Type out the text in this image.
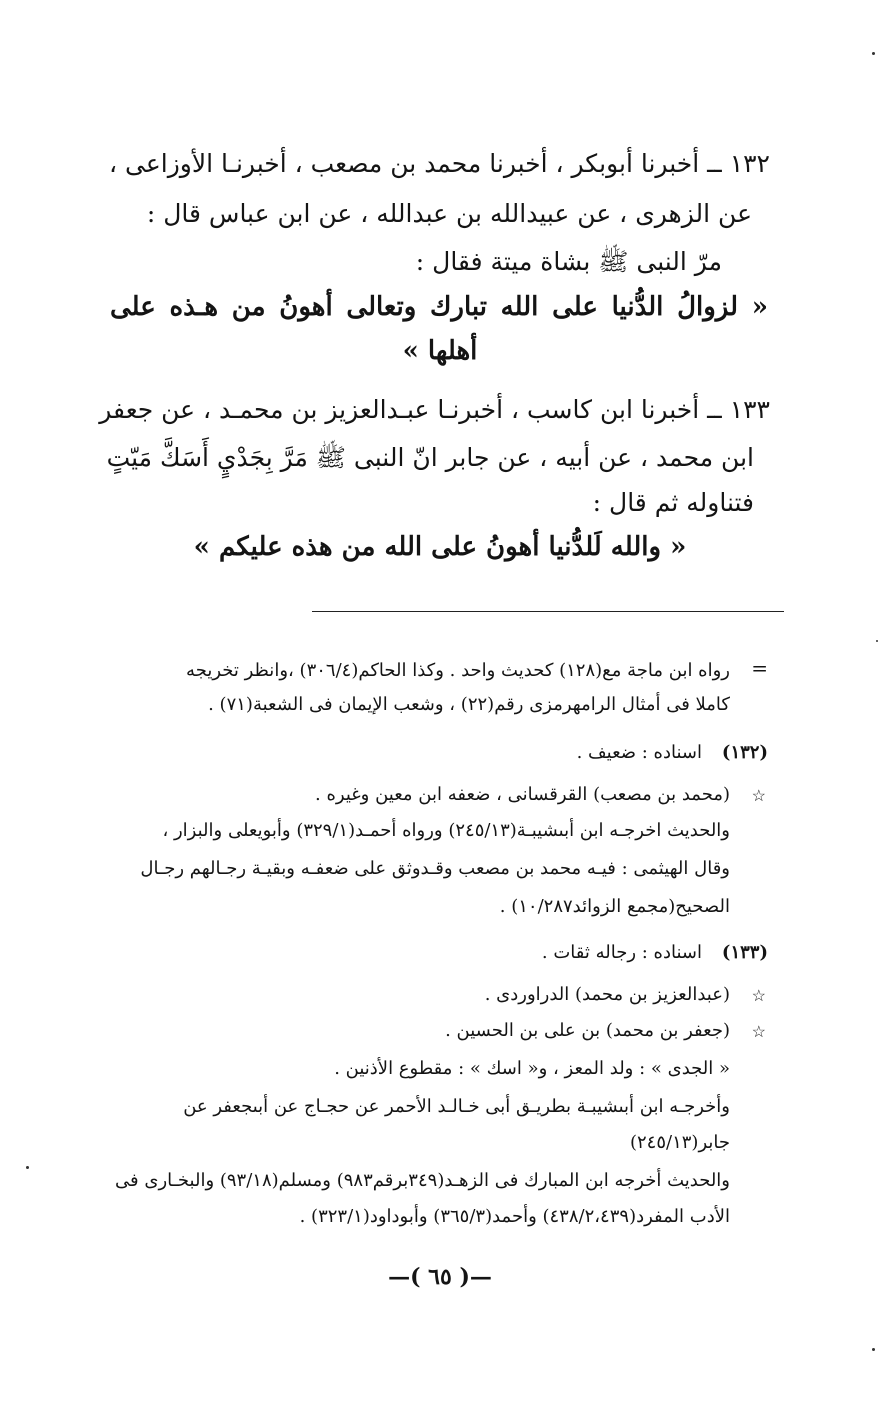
١٣٢ ــ أخبرنا أبوبكر ، أخبرنا محمد بن مصعب ، أخبرنـا الأوزاعى ،
عن الزهرى ، عن عبيدالله بن عبدالله ، عن ابن عباس قال :
مرّ النبى ﷺ بشاة ميتة فقال :
« لزوالُ الدُّنيا على الله تبارك وتعالى أهونُ من هـذه على
أهلها »
١٣٣ ــ أخبرنا ابن كاسب ، أخبرنـا عبـدالعزيز بن محمـد ، عن جعفر
ابن محمد ، عن أبيه ، عن جابر انّ النبى ﷺ مَرَّ بِجَدْيٍ أَسَكَّ مَيّتٍ
فتناوله ثم قال :
« والله لَلدُّنيا أهونُ على الله من هذه عليكم »
=
رواه ابن ماجة مع(١٢٨) كحديث واحد . وكذا الحاكم(٣٠٦/٤) ،وانظر تخريجه
كاملا فى أمثال الرامهرمزى رقم(٢٢) ، وشعب الإيمان فى الشعبة(٧١) .
(١٣٢)
اسناده : ضعيف .
☆
(محمد بن مصعب) القرقسانى ، ضعفه ابن معين وغيره .
والحديث اخرجـه ابن أبىشيبـة(٢٤٥/١٣) ورواه أحمـد(٣٢٩/١) وأبويعلى والبزار ،
وقال الهيثمى : فيـه محمد بن مصعب وقـدوثق على ضعفـه وبقيـة رجـالهم رجـال
الصحيح(مجمع الزوائد١٠/٢٨٧) .
(١٣٣)
اسناده : رجاله ثقات .
☆
(عبدالعزيز بن محمد) الدراوردى .
☆
(جعفر بن محمد) بن على بن الحسين .
« الجدى » : ولد المعز ، و« اسك » : مقطوع الأذنين .
وأخرجـه ابن أبىشيبـة بطريـق أبى خـالـد الأحمر عن حجـاج عن أبىجعفر عن
جابر(٢٤٥/١٣)
والحديث أخرجه ابن المبارك فى الزهـد(٣٤٩برقم٩٨٣) ومسلم(٩٣/١٨) والبخـارى فى
الأدب المفرد(٤٣٨/٢،٤٣٩) وأحمد(٣٦٥/٣) وأبوداود(٣٢٣/١) .
—( ٦٥ )—
